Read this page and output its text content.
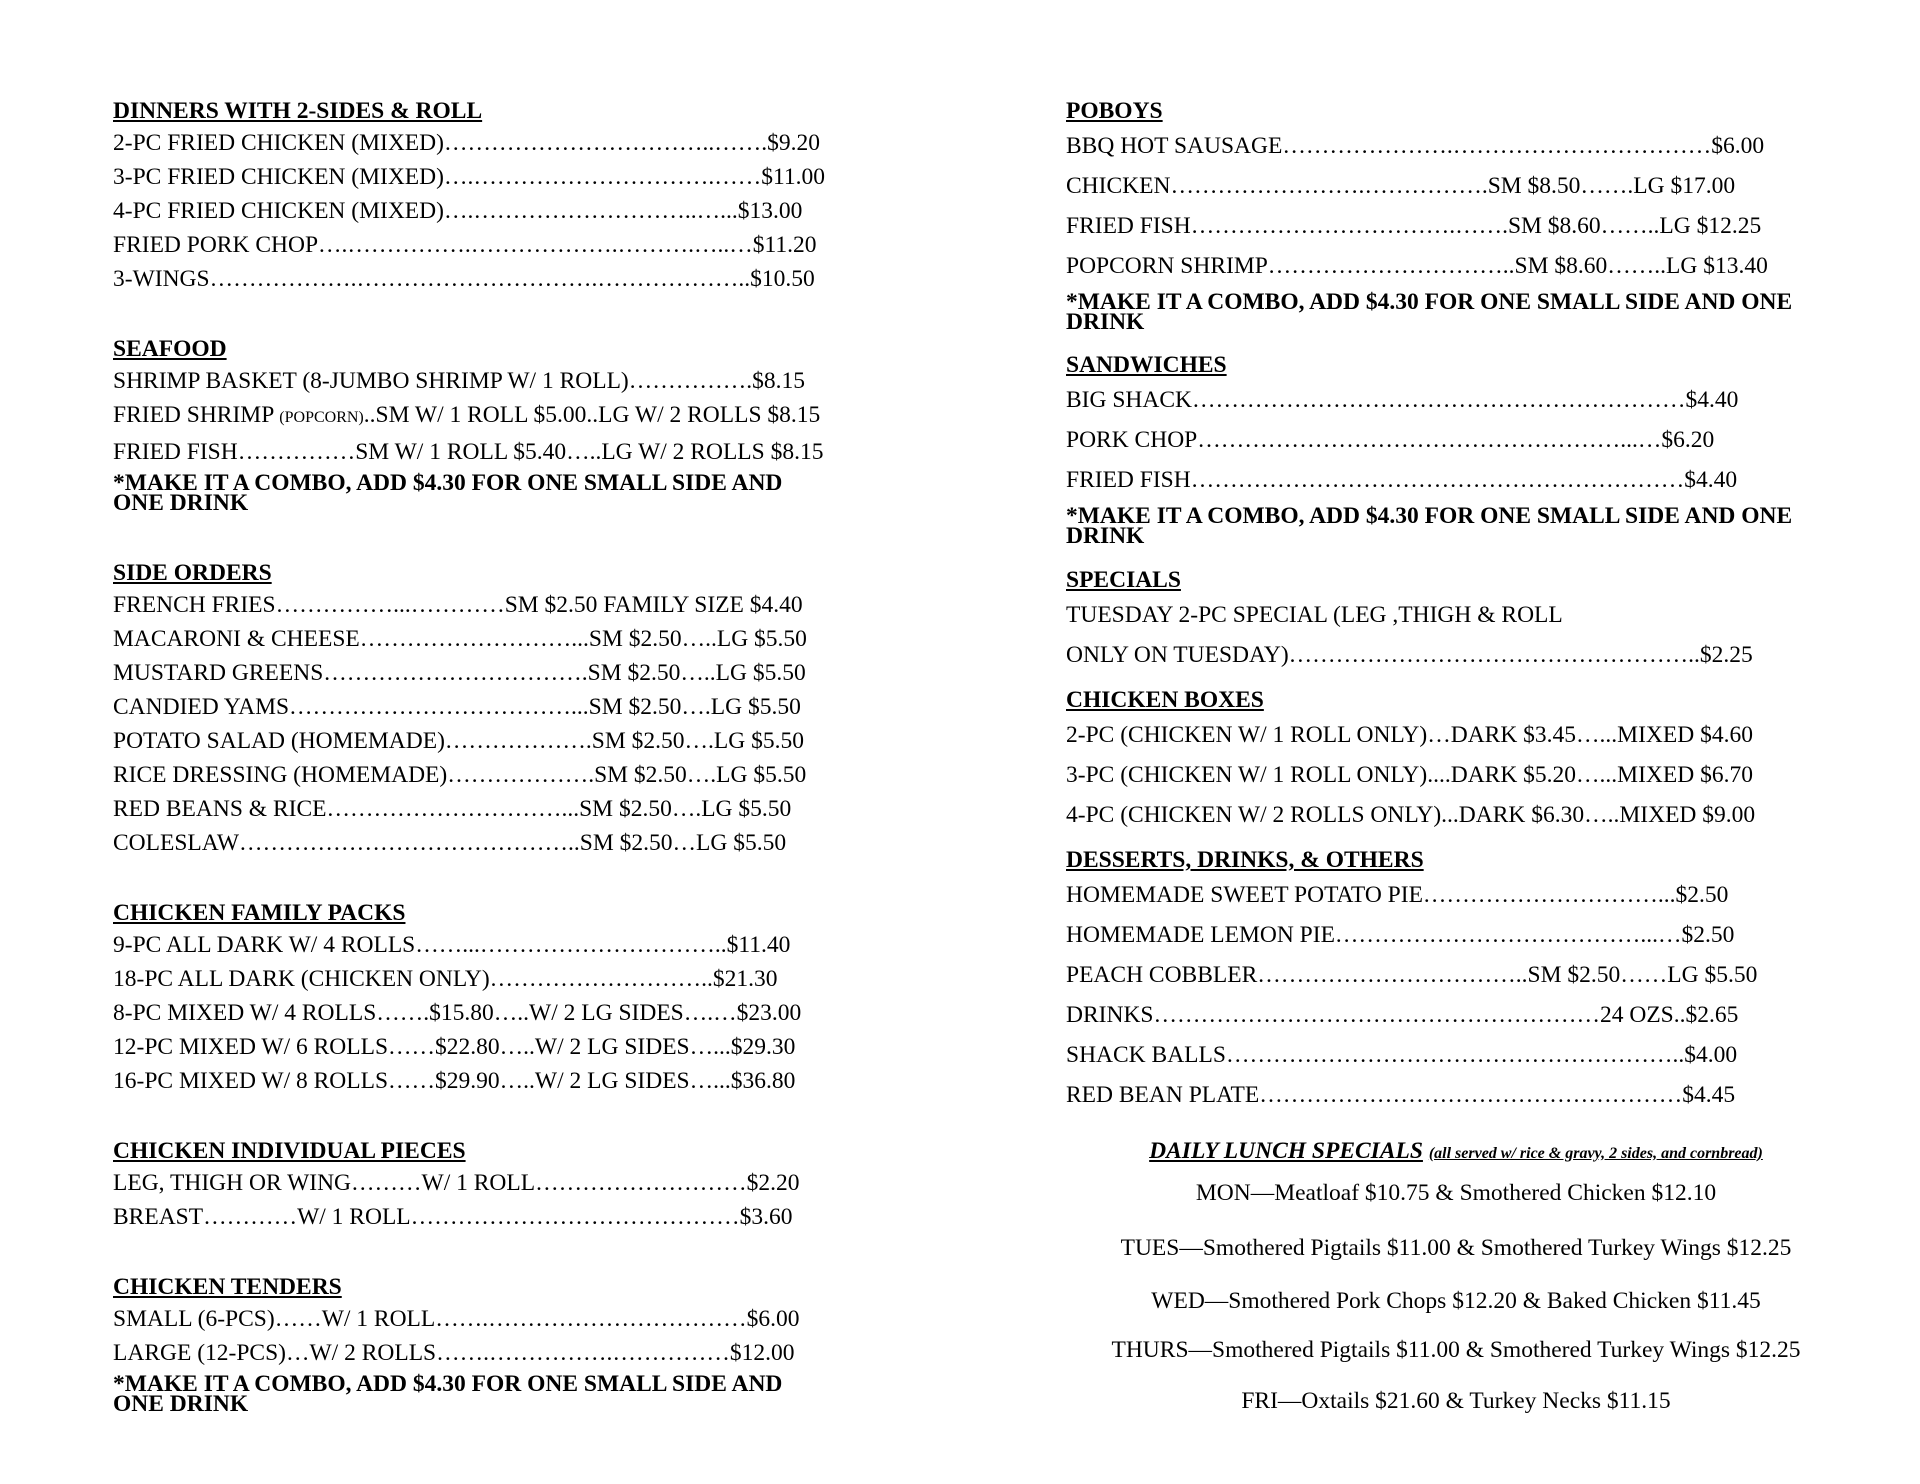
DINNERS WITH 2-SIDES & ROLL
2-PC FRIED CHICKEN (MIXED)……………………………..…….$9.20
3-PC FRIED CHICKEN (MIXED)….………………………….……$11.00
4-PC FRIED CHICKEN (MIXED)….………………………..…...$13.00
FRIED PORK CHOP….…………….……………….……….…..…$11.20
3-WINGS……………….………………………….………………..$10.50
SEAFOOD
SHRIMP BASKET (8-JUMBO SHRIMP W/ 1 ROLL)…………….$8.15
FRIED SHRIMP (POPCORN)..SM W/ 1 ROLL $5.00..LG W/ 2 ROLLS $8.15
FRIED FISH……………SM W/ 1 ROLL $5.40…..LG W/ 2 ROLLS $8.15
*MAKE IT A COMBO, ADD $4.30 FOR ONE SMALL SIDE AND ONE DRINK
SIDE ORDERS
FRENCH FRIES……………...…………SM $2.50 FAMILY SIZE $4.40
MACARONI & CHEESE………………………...SM $2.50…..LG $5.50
MUSTARD GREENS…………………………….SM $2.50…..LG $5.50
CANDIED YAMS………………………………...SM $2.50….LG $5.50
POTATO SALAD (HOMEMADE)……………….SM $2.50….LG $5.50
RICE DRESSING (HOMEMADE)……………….SM $2.50….LG $5.50
RED BEANS & RICE…………………………...SM $2.50….LG $5.50
COLESLAW……………………………………..SM $2.50…LG $5.50
CHICKEN FAMILY PACKS
9-PC ALL DARK W/ 4 ROLLS……...…………………………..$11.40
18-PC ALL DARK (CHICKEN ONLY)………………………..$21.30
8-PC MIXED W/ 4 ROLLS…….$15.80…..W/ 2 LG SIDES….…$23.00
12-PC MIXED W/ 6 ROLLS……$22.80…..W/ 2 LG SIDES…...$29.30
16-PC MIXED W/ 8 ROLLS……$29.90…..W/ 2 LG SIDES…...$36.80
CHICKEN INDIVIDUAL PIECES
LEG, THIGH OR WING………W/ 1 ROLL………………………$2.20
BREAST…………W/ 1 ROLL……………………………………$3.60
CHICKEN TENDERS
SMALL (6-PCS)……W/ 1 ROLL…….……………………………$6.00
LARGE (12-PCS)…W/ 2 ROLLS…….…………….……………$12.00
*MAKE IT A COMBO, ADD $4.30 FOR ONE SMALL SIDE AND ONE DRINK
POBOYS
BBQ HOT SAUSAGE………………….……………………………$6.00
CHICKEN…………………….…………….SM $8.50…….LG $17.00
FRIED FISH…………………………….…….SM $8.60……..LG $12.25
POPCORN SHRIMP…………………………..SM $8.60……..LG $13.40
*MAKE IT A COMBO, ADD $4.30 FOR ONE SMALL SIDE AND ONE DRINK
SANDWICHES
BIG SHACK………………………………………………………$4.40
PORK CHOP………………………………………………...…$6.20
FRIED FISH………………………………………………………$4.40
*MAKE IT A COMBO, ADD $4.30 FOR ONE SMALL SIDE AND ONE DRINK
SPECIALS
TUESDAY 2-PC SPECIAL (LEG ,THIGH & ROLL
ONLY ON TUESDAY)……………………………………………..$2.25
CHICKEN BOXES
2-PC (CHICKEN W/ 1 ROLL ONLY)…DARK $3.45…...MIXED $4.60
3-PC (CHICKEN W/ 1 ROLL ONLY)....DARK $5.20…...MIXED $6.70
4-PC (CHICKEN W/ 2 ROLLS ONLY)...DARK $6.30…..MIXED $9.00
DESSERTS, DRINKS, & OTHERS
HOMEMADE SWEET POTATO PIE…………………………...$2.50
HOMEMADE LEMON PIE…………………………………...…$2.50
PEACH COBBLER……………………………..SM $2.50……LG $5.50
DRINKS…………………………………………………24 OZS..$2.65
SHACK BALLS…………………………………………………..$4.00
RED BEAN PLATE………………………………………………$4.45
DAILY LUNCH SPECIALS (all served w/ rice & gravy, 2 sides, and cornbread)
MON—Meatloaf $10.75 & Smothered Chicken $12.10
TUES—Smothered Pigtails $11.00 & Smothered Turkey Wings $12.25
WED—Smothered Pork Chops $12.20 & Baked Chicken $11.45
THURS—Smothered Pigtails $11.00 & Smothered Turkey Wings $12.25
FRI—Oxtails $21.60 & Turkey Necks $11.15
